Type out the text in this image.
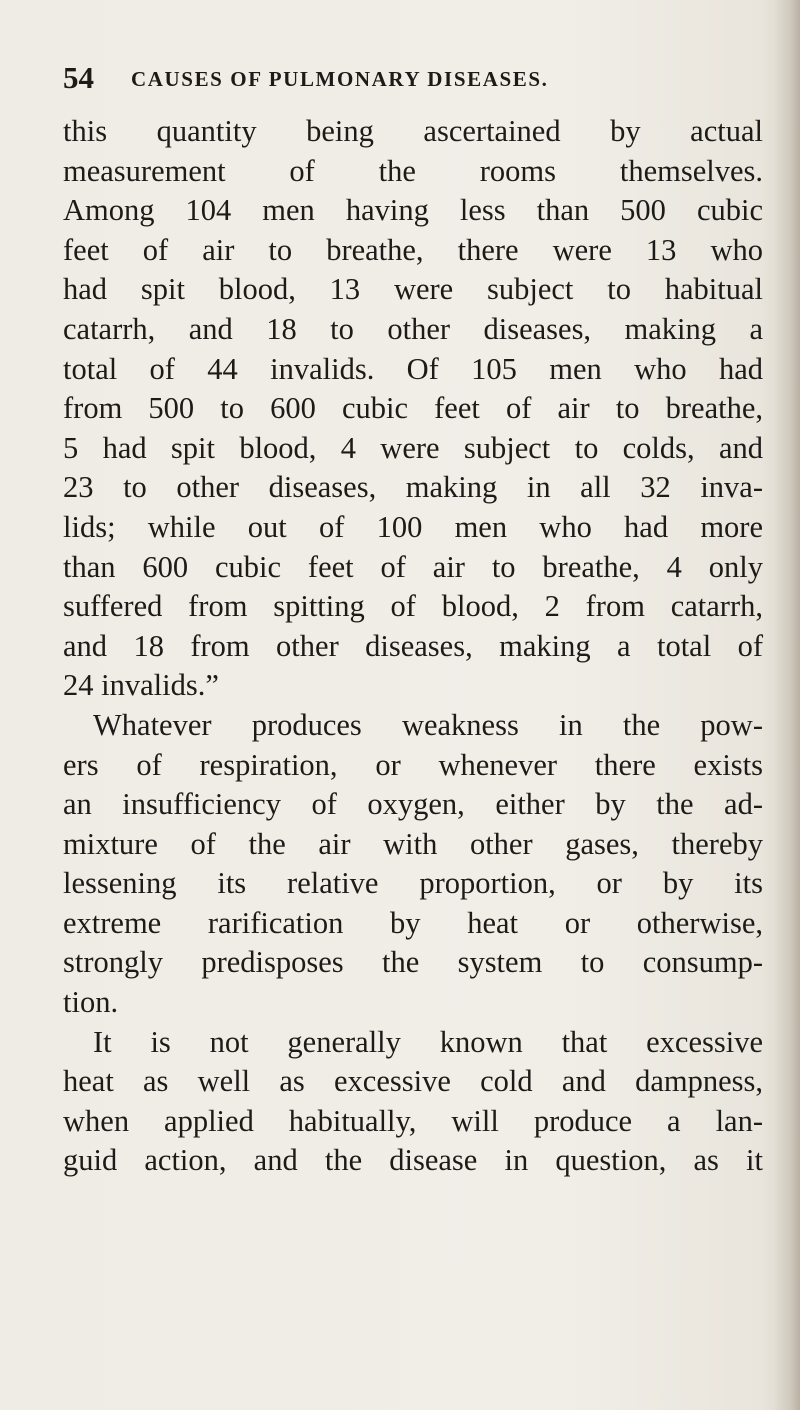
54 CAUSES OF PULMONARY DISEASES.
this quantity being ascertained by actual
measurement of the rooms themselves.
Among 104 men having less than 500 cubic
feet of air to breathe, there were 13 who
had spit blood, 13 were subject to habitual
catarrh, and 18 to other diseases, making a
total of 44 invalids. Of 105 men who had
from 500 to 600 cubic feet of air to breathe,
5 had spit blood, 4 were subject to colds, and
23 to other diseases, making in all 32 inva-
lids; while out of 100 men who had more
than 600 cubic feet of air to breathe, 4 only
suffered from spitting of blood, 2 from catarrh,
and 18 from other diseases, making a total of
24 invalids.”
Whatever produces weakness in the pow-
ers of respiration, or whenever there exists
an insufficiency of oxygen, either by the ad-
mixture of the air with other gases, thereby
lessening its relative proportion, or by its
extreme rarification by heat or otherwise,
strongly predisposes the system to consump-
tion.
It is not generally known that excessive
heat as well as excessive cold and dampness,
when applied habitually, will produce a lan-
guid action, and the disease in question, as it
